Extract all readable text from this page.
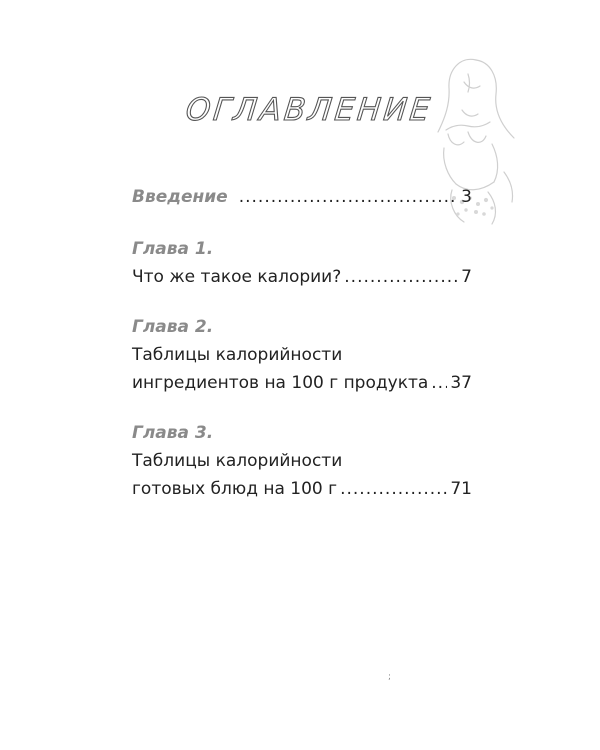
ОГЛАВЛЕНИЕ
Введение .....	3
Глава 1.
Что же такое калории? .....	7
Глава 2.
Таблицы калорийности
ингредиентов на 100 г продукта ..... 37
Глава 3.
Таблицы калорийности
готовых блюд на 100 г .....	71
;
